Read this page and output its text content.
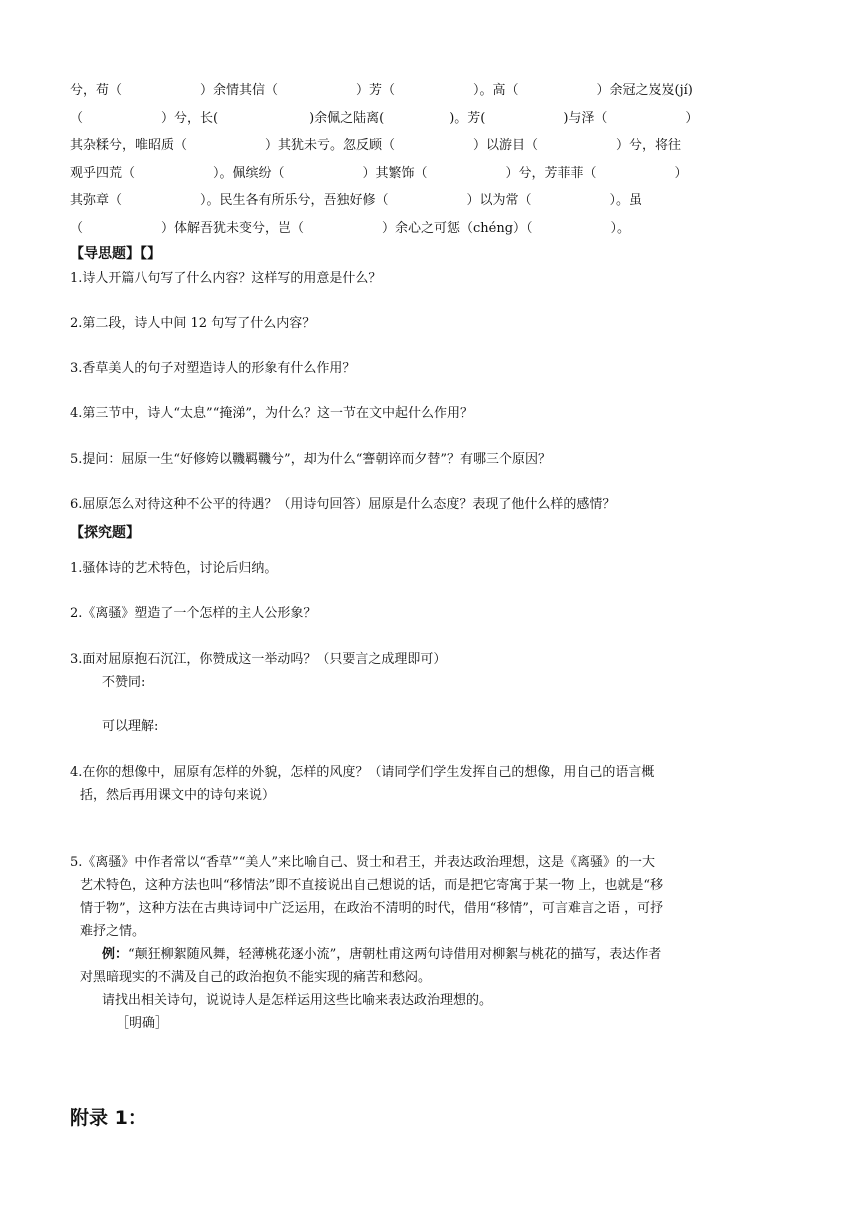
兮，苟（　　　　　　）余情其信（　　　　　　）芳（　　　　　　）。高（　　　　　　）余冠之岌岌(jí)
（　　　　　　）兮，长(　　　　　　　)余佩之陆离(　　　　　)。芳(　　　　　　)与泽（　　　　　　）
其杂糅兮，唯昭质（　　　　　　）其犹未亏。忽反顾（　　　　　　）以游目（　　　　　　）兮，将往
观乎四荒（　　　　　　）。佩缤纷（　　　　　　）其繁饰（　　　　　　）兮，芳菲菲（　　　　　　）
其弥章（　　　　　　）。民生各有所乐兮，吾独好修（　　　　　　）以为常（　　　　　　）。虽
（　　　　　　）体解吾犹未变兮，岂（　　　　　　）余心之可惩（chéng）（　　　　　　）。
【导思题】【】
1.诗人开篇八句写了什么内容？这样写的用意是什么？
2.第二段，诗人中间 12 句写了什么内容？
3.香草美人的句子对塑造诗人的形象有什么作用？
4.第三节中，诗人“太息”“掩涕”，为什么？这一节在文中起什么作用？
5.提问：屈原一生“好修姱以鞿羁鞿兮”，却为什么“謇朝谇而夕替”？有哪三个原因？
6.屈原怎么对待这种不公平的待遇？（用诗句回答）屈原是什么态度？表现了他什么样的感情？
【探究题】
1.骚体诗的艺术特色，讨论后归纳。
2.《离骚》塑造了一个怎样的主人公形象？
3.面对屈原抱石沉江，你赞成这一举动吗？（只要言之成理即可）
不赞同:
可以理解:
4.在你的想像中，屈原有怎样的外貌，怎样的风度？（请同学们学生发挥自己的想像，用自己的语言概
括，然后再用课文中的诗句来说）
5.《离骚》中作者常以“香草”“美人”来比喻自己、贤士和君王，并表达政治理想，这是《离骚》的一大
艺术特色，这种方法也叫“移情法”即不直接说出自己想说的话，而是把它寄寓于某一物 上，也就是“移
情于物”，这种方法在古典诗词中广泛运用，在政治不清明的时代，借用“移情”，可言难言之语 ，可抒
难抒之情。
例：“颠狂柳絮随风舞，轻薄桃花逐小流”，唐朝杜甫这两句诗借用对柳絮与桃花的描写，表达作者
对黑暗现实的不满及自己的政治抱负不能实现的痛苦和愁闷。
请找出相关诗句，说说诗人是怎样运用这些比喻来表达政治理想的。
［明确］
附录 1：
